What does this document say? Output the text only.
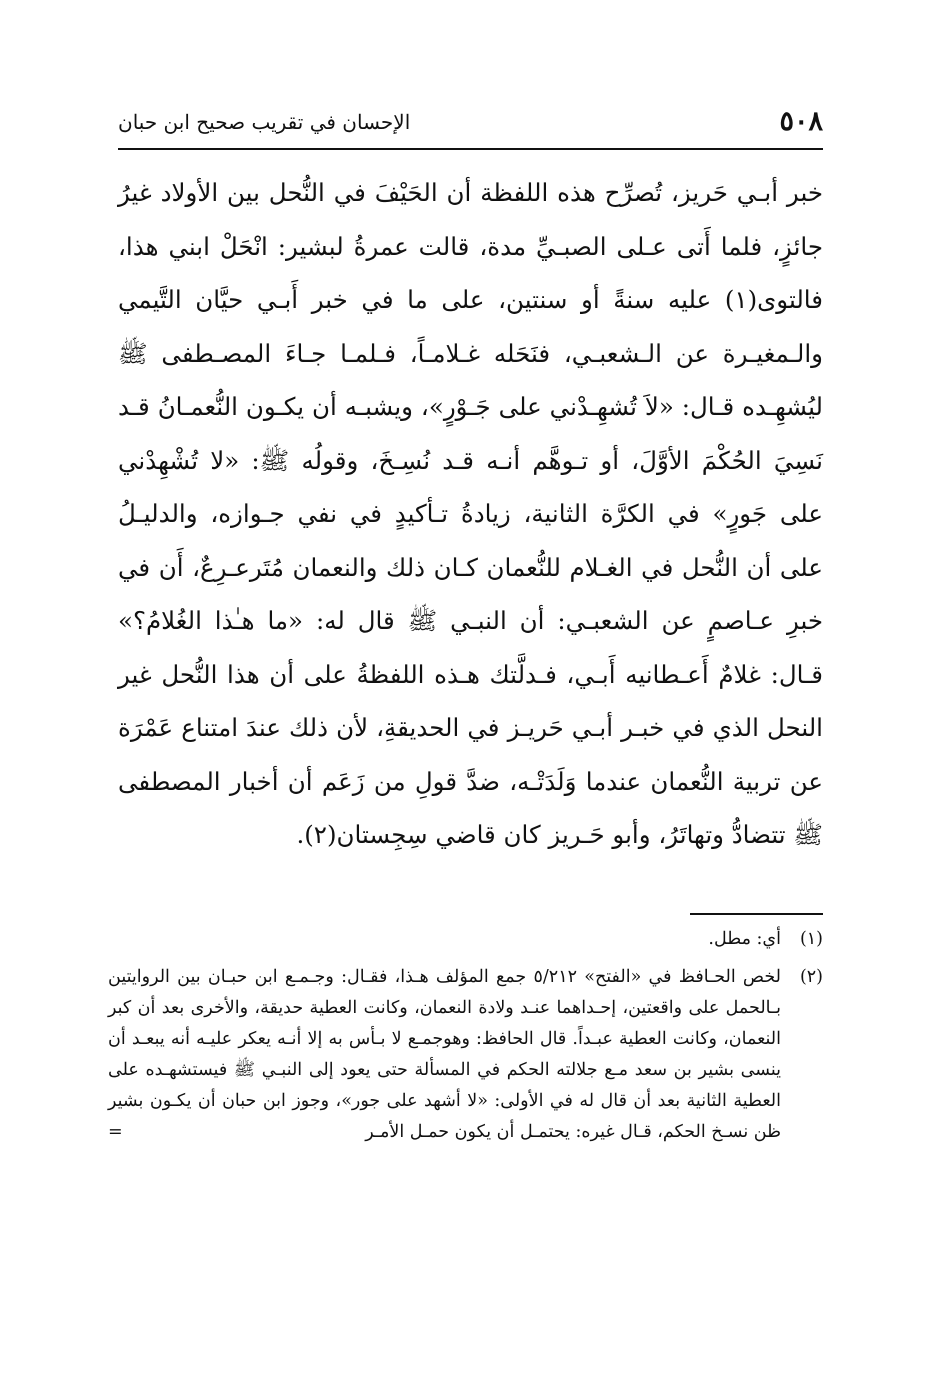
٥٠٨
الإحسان في تقريب صحيح ابن حبان

خبر أبـي حَريز، تُصرِّح هذه اللفظة أن الحَيْفَ في النُّحل بين الأولاد غيرُ جائزٍ، فلما أَتى عـلى الصبـيِّ مدة، قالت عمرةُ لبشير: انْحَلْ ابني هذا، فالتوى(١) عليه سنةً أو سنتين، على ما في خبر أَبـي حيَّان التَّيمي والـمغيـرة عن الـشعبـي، فنَحَله غـلامـاً، فـلمـا جـاءَ المصـطفى ﷺ ليُشهِـده قـال: «لاَ تُشهِـدْني على جَـوْرٍ»، ويشبـه أن يكـون النُّعمـانُ قـد نَسِيَ الحُكْمَ الأوَّلَ، أو تـوهَّم أنـه قـد نُسِـخَ، وقولُه ﷺ: «لا تُشْهِدْني على جَورٍ» في الكرَّة الثانية، زيادةُ تـأكيدٍ في نفي جـوازه، والدليـلُ على أن النُّحل في الغـلام للنُّعمان كـان ذلك والنعمان مُتَرعـرِعٌ، أَن في خبرِ عـاصمٍ عن الشعبـي: أن النبـي ﷺ قال له: «ما هـٰذا الغُلامُ؟» قـال: غلامٌ أَعـطانيه أَبـي، فـدلَّتك هـذه اللفظةُ على أن هذا النُّحل غير النحل الذي في خبـر أبـي حَريـز في الحديقةِ، لأن ذلك عندَ امتناع عَمْرَة عن تربية النُّعمان عندما وَلَدَتْـه، ضدَّ قولِ من زَعَم أن أخبار المصطفى ﷺ تتضادُّ وتهاتَرُ، وأبو حَـريز كان قاضي سِجِستان(٢).

(١)
أي: مطل.
(٢)
لخص الحـافظ في «الفتح» ٥/٢١٢ جمع المؤلف هـذا، فقـال: وجـمـع ابن حبـان بين الروايتين بـالحمل على واقعتين، إحـداهما عنـد ولادة النعمان، وكانت العطية حديقة، والأخرى بعد أن كبر النعمان، وكانت العطية عبـداً. قال الحافظ: وهوجمـع لا بـأس به إلا أنـه يعكر عليـه أنه يبعـد أن ينسى بشير بن سعد مـع جلالته الحكم في المسألة حتى يعود إلى النبـي ﷺ فيستشهـده على العطية الثانية بعد أن قال له في الأولى: «لا أشهد على جور»، وجوز ابن حبان أن يكـون بشير ظن نسـخ الحكم، قـال غيره: يحتمـل أن يكون حمـل الأمـر
=
